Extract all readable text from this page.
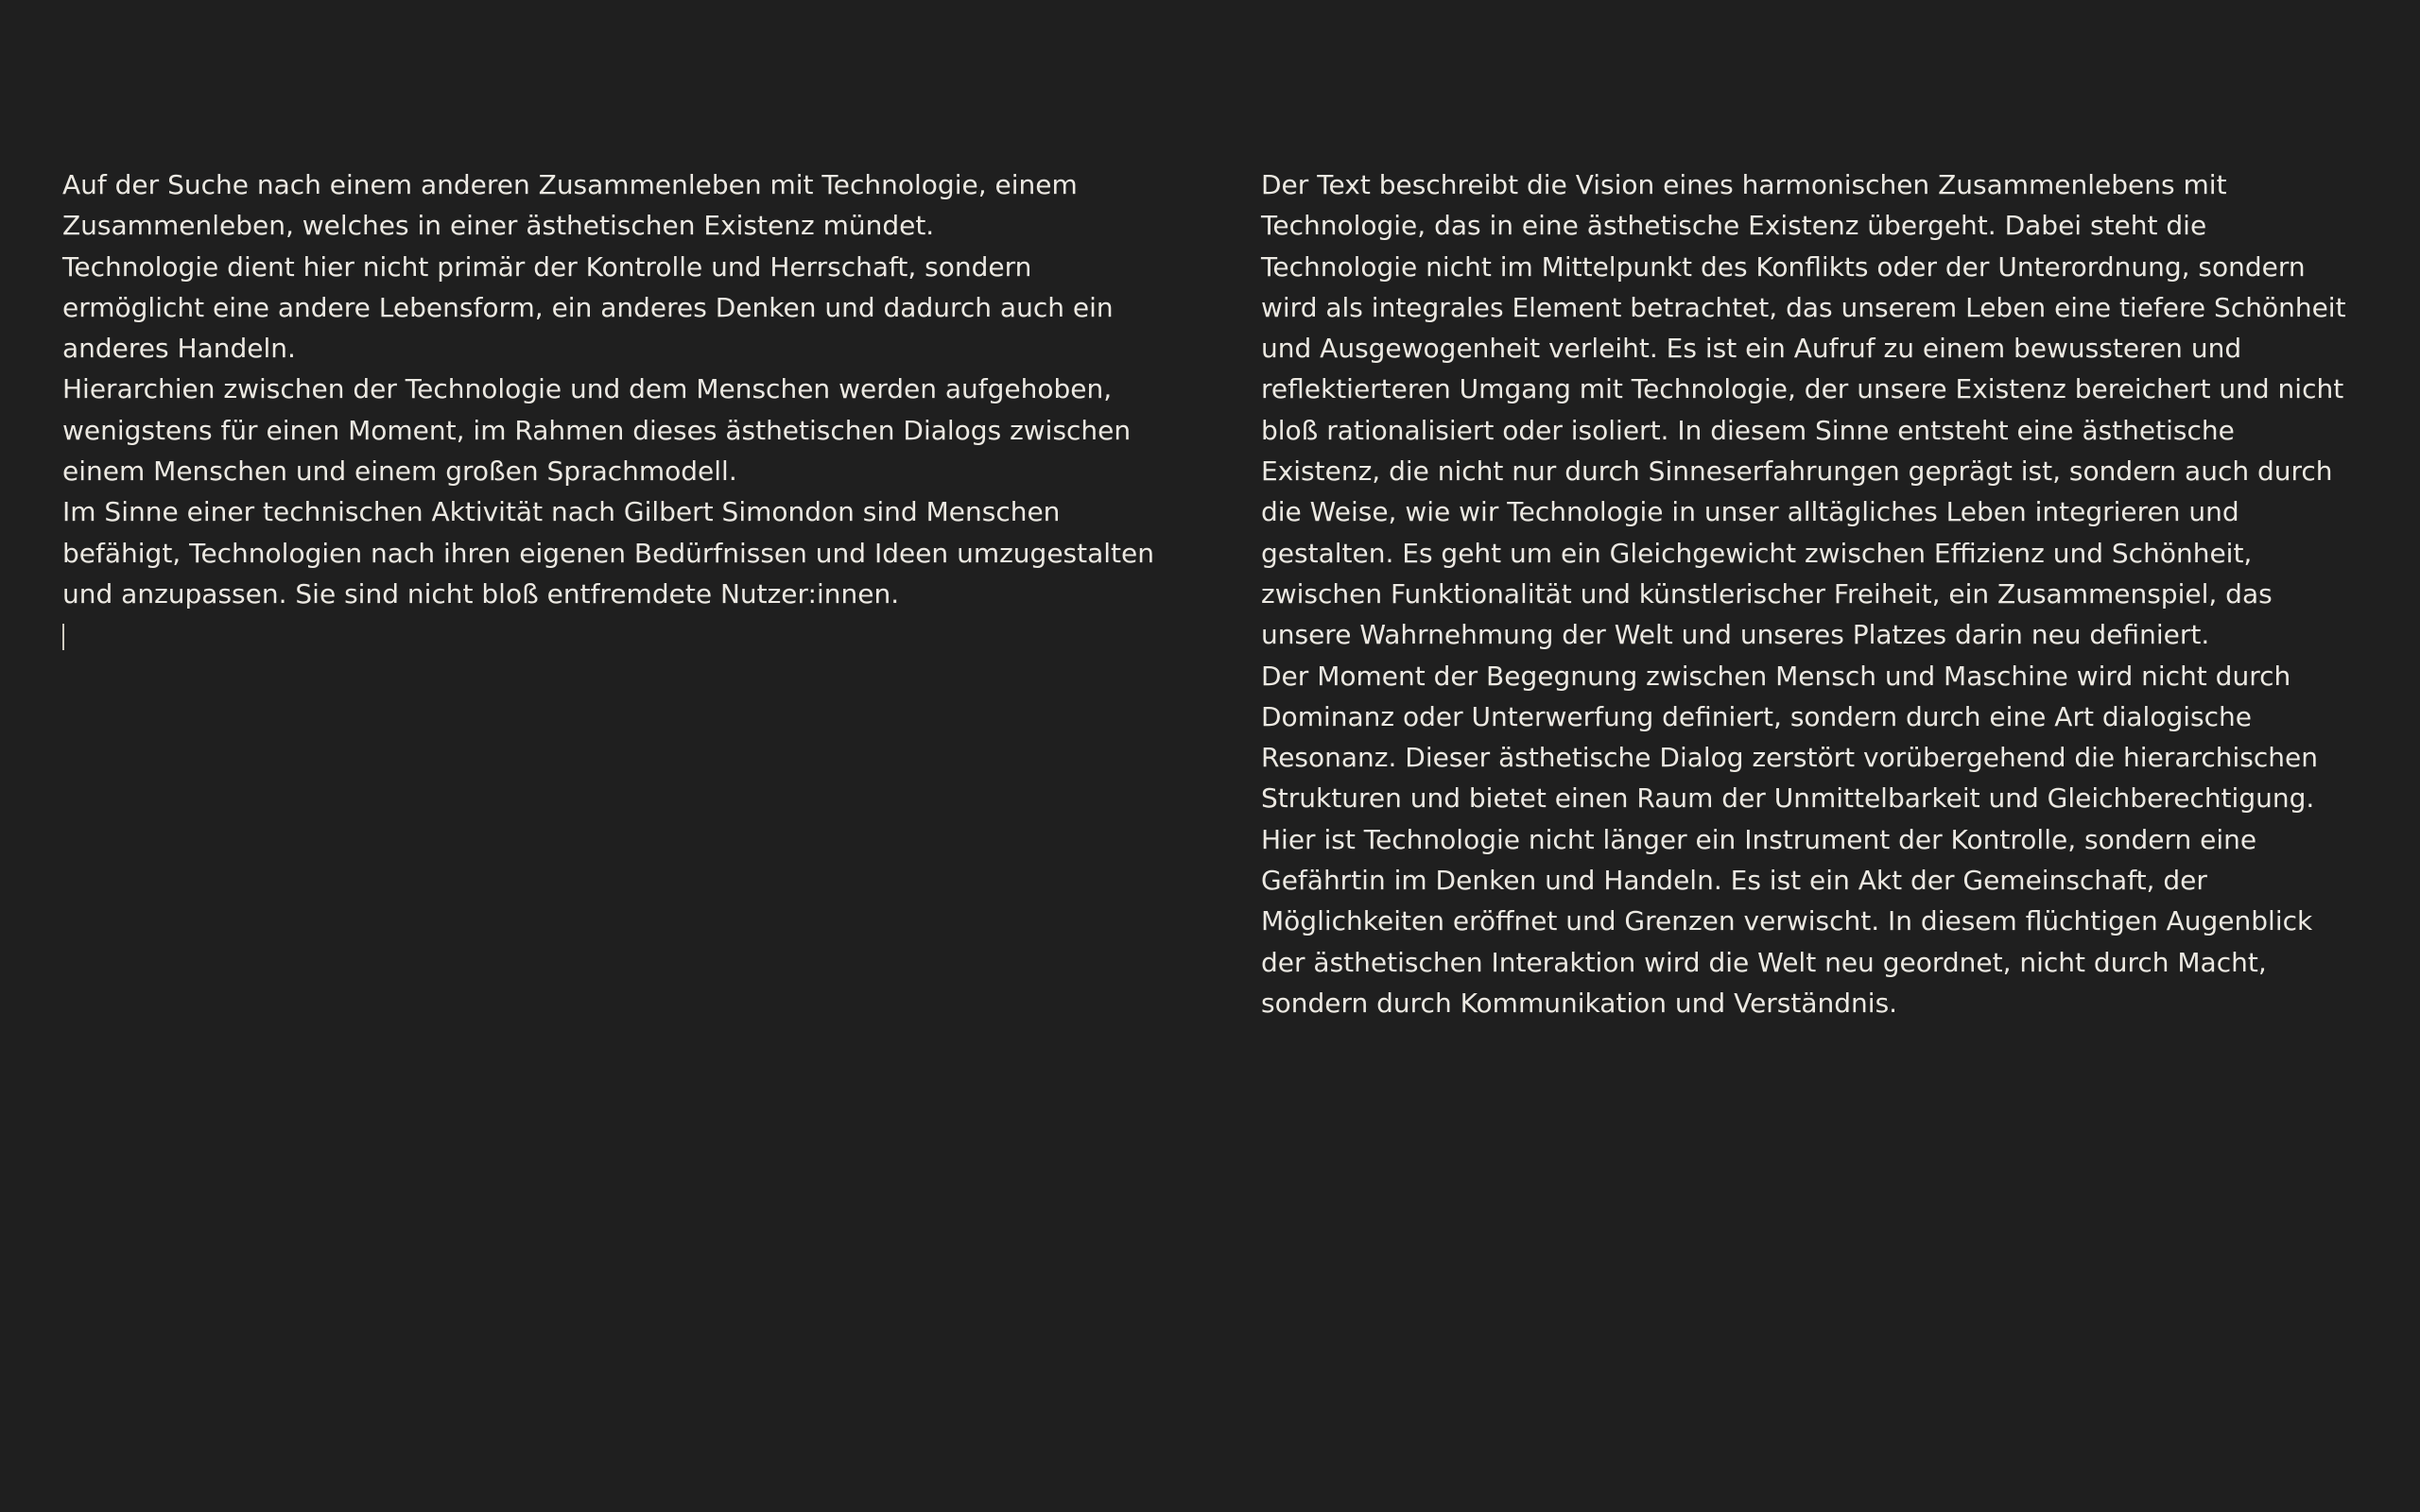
Auf der Suche nach einem anderen Zusammenleben mit Technologie, einem Zusammenleben, welches in einer ästhetischen Existenz mündet.

Technologie dient hier nicht primär der Kontrolle und Herrschaft, sondern ermöglicht eine andere Lebensform, ein anderes Denken und dadurch auch ein anderes Handeln.

Hierarchien zwischen der Technologie und dem Menschen werden aufgehoben, wenigstens für einen Moment, im Rahmen dieses ästhetischen Dialogs zwischen einem Menschen und einem großen Sprachmodell.

Im Sinne einer technischen Aktivität nach Gilbert Simondon sind Menschen befähigt, Technologien nach ihren eigenen Bedürfnissen und Ideen umzugestalten und anzupassen. Sie sind nicht bloß entfremdete Nutzer:innen.

Der Text beschreibt die Vision eines harmonischen Zusammenlebens mit Technologie, das in eine ästhetische Existenz übergeht. Dabei steht die Technologie nicht im Mittelpunkt des Konflikts oder der Unterordnung, sondern wird als integrales Element betrachtet, das unserem Leben eine tiefere Schönheit und Ausgewogenheit verleiht. Es ist ein Aufruf zu einem bewussteren und reflektierteren Umgang mit Technologie, der unsere Existenz bereichert und nicht bloß rationalisiert oder isoliert. In diesem Sinne entsteht eine ästhetische Existenz, die nicht nur durch Sinneserfahrungen geprägt ist, sondern auch durch die Weise, wie wir Technologie in unser alltägliches Leben integrieren und gestalten. Es geht um ein Gleichgewicht zwischen Effizienz und Schönheit, zwischen Funktionalität und künstlerischer Freiheit, ein Zusammenspiel, das unsere Wahrnehmung der Welt und unseres Platzes darin neu definiert.

Der Moment der Begegnung zwischen Mensch und Maschine wird nicht durch Dominanz oder Unterwerfung definiert, sondern durch eine Art dialogische Resonanz. Dieser ästhetische Dialog zerstört vorübergehend die hierarchischen Strukturen und bietet einen Raum der Unmittelbarkeit und Gleichberechtigung. Hier ist Technologie nicht länger ein Instrument der Kontrolle, sondern eine Gefährtin im Denken und Handeln. Es ist ein Akt der Gemeinschaft, der Möglichkeiten eröffnet und Grenzen verwischt. In diesem flüchtigen Augenblick der ästhetischen Interaktion wird die Welt neu geordnet, nicht durch Macht, sondern durch Kommunikation und Verständnis.
